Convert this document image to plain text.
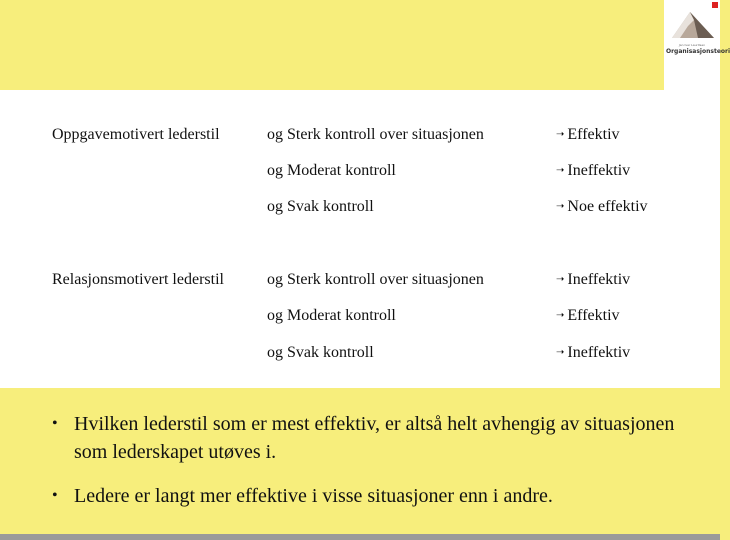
Jan Ivar Lauritsen
Organisasjonsteori
Oppgavemotivert lederstil	og Sterk kontroll over situasjonen	➝ Effektiv
og Moderat kontroll	➝ Ineffektiv
og Svak kontroll	➝ Noe effektiv
Relasjonsmotivert lederstil	og Sterk kontroll over situasjonen	➝ Ineffektiv
og Moderat kontroll	➝ Effektiv
og Svak kontroll	➝ Ineffektiv
• Hvilken lederstil som er mest effektiv, er altså helt avhengig av situasjonen som lederskapet utøves i.
• Ledere er langt mer effektive i visse situasjoner enn i andre.
